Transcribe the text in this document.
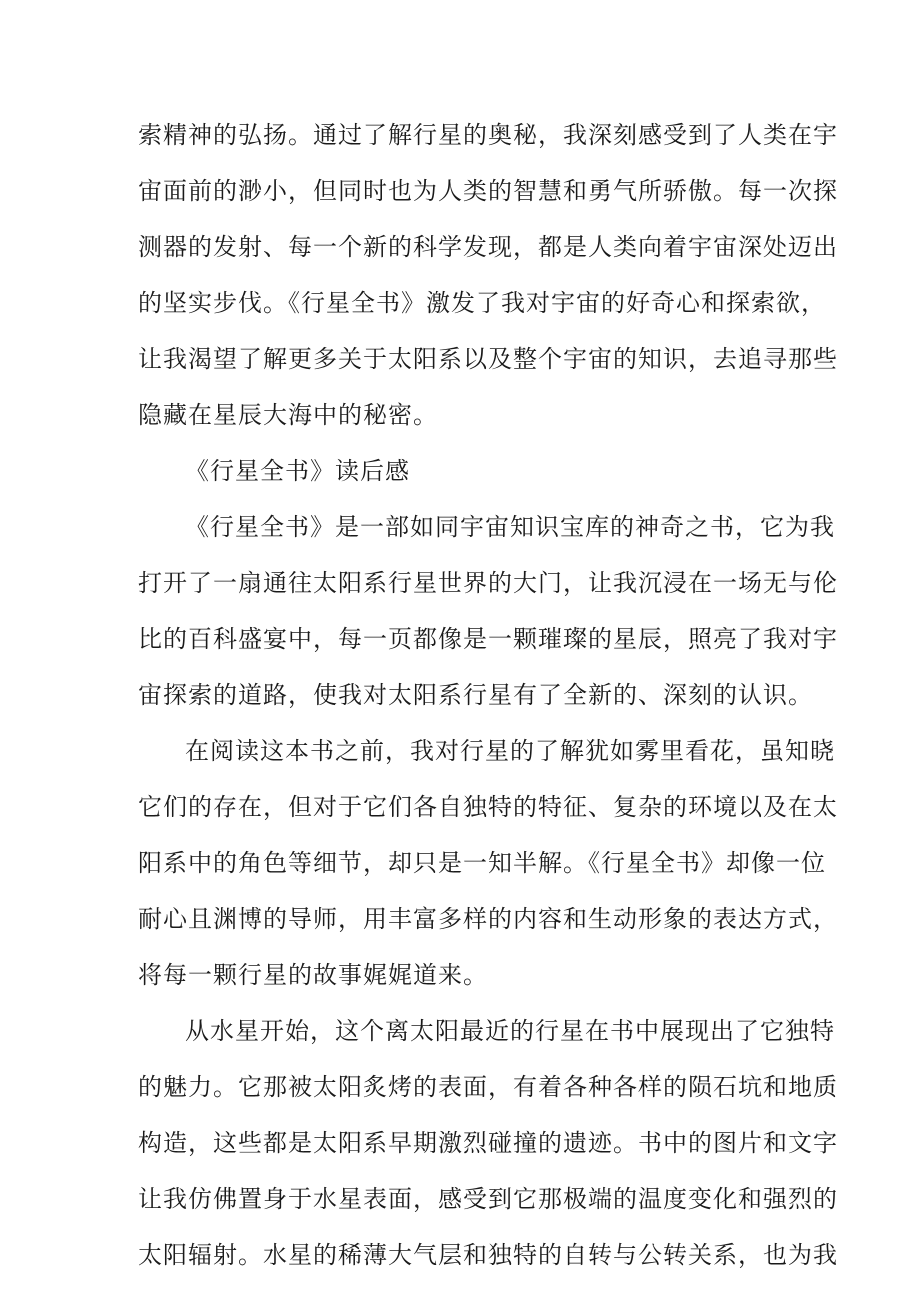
索精神的弘扬。通过了解行星的奥秘，我深刻感受到了人类在宇
宙面前的渺小，但同时也为人类的智慧和勇气所骄傲。每一次探
测器的发射、每一个新的科学发现，都是人类向着宇宙深处迈出
的坚实步伐。《行星全书》激发了我对宇宙的好奇心和探索欲，
让我渴望了解更多关于太阳系以及整个宇宙的知识，去追寻那些
隐藏在星辰大海中的秘密。
《行星全书》读后感
《行星全书》是一部如同宇宙知识宝库的神奇之书，它为我
打开了一扇通往太阳系行星世界的大门，让我沉浸在一场无与伦
比的百科盛宴中，每一页都像是一颗璀璨的星辰，照亮了我对宇
宙探索的道路，使我对太阳系行星有了全新的、深刻的认识。
在阅读这本书之前，我对行星的了解犹如雾里看花，虽知晓
它们的存在，但对于它们各自独特的特征、复杂的环境以及在太
阳系中的角色等细节，却只是一知半解。《行星全书》却像一位
耐心且渊博的导师，用丰富多样的内容和生动形象的表达方式，
将每一颗行星的故事娓娓道来。
从水星开始，这个离太阳最近的行星在书中展现出了它独特
的魅力。它那被太阳炙烤的表面，有着各种各样的陨石坑和地质
构造，这些都是太阳系早期激烈碰撞的遗迹。书中的图片和文字
让我仿佛置身于水星表面，感受到它那极端的温度变化和强烈的
太阳辐射。水星的稀薄大气层和独特的自转与公转关系，也为我
